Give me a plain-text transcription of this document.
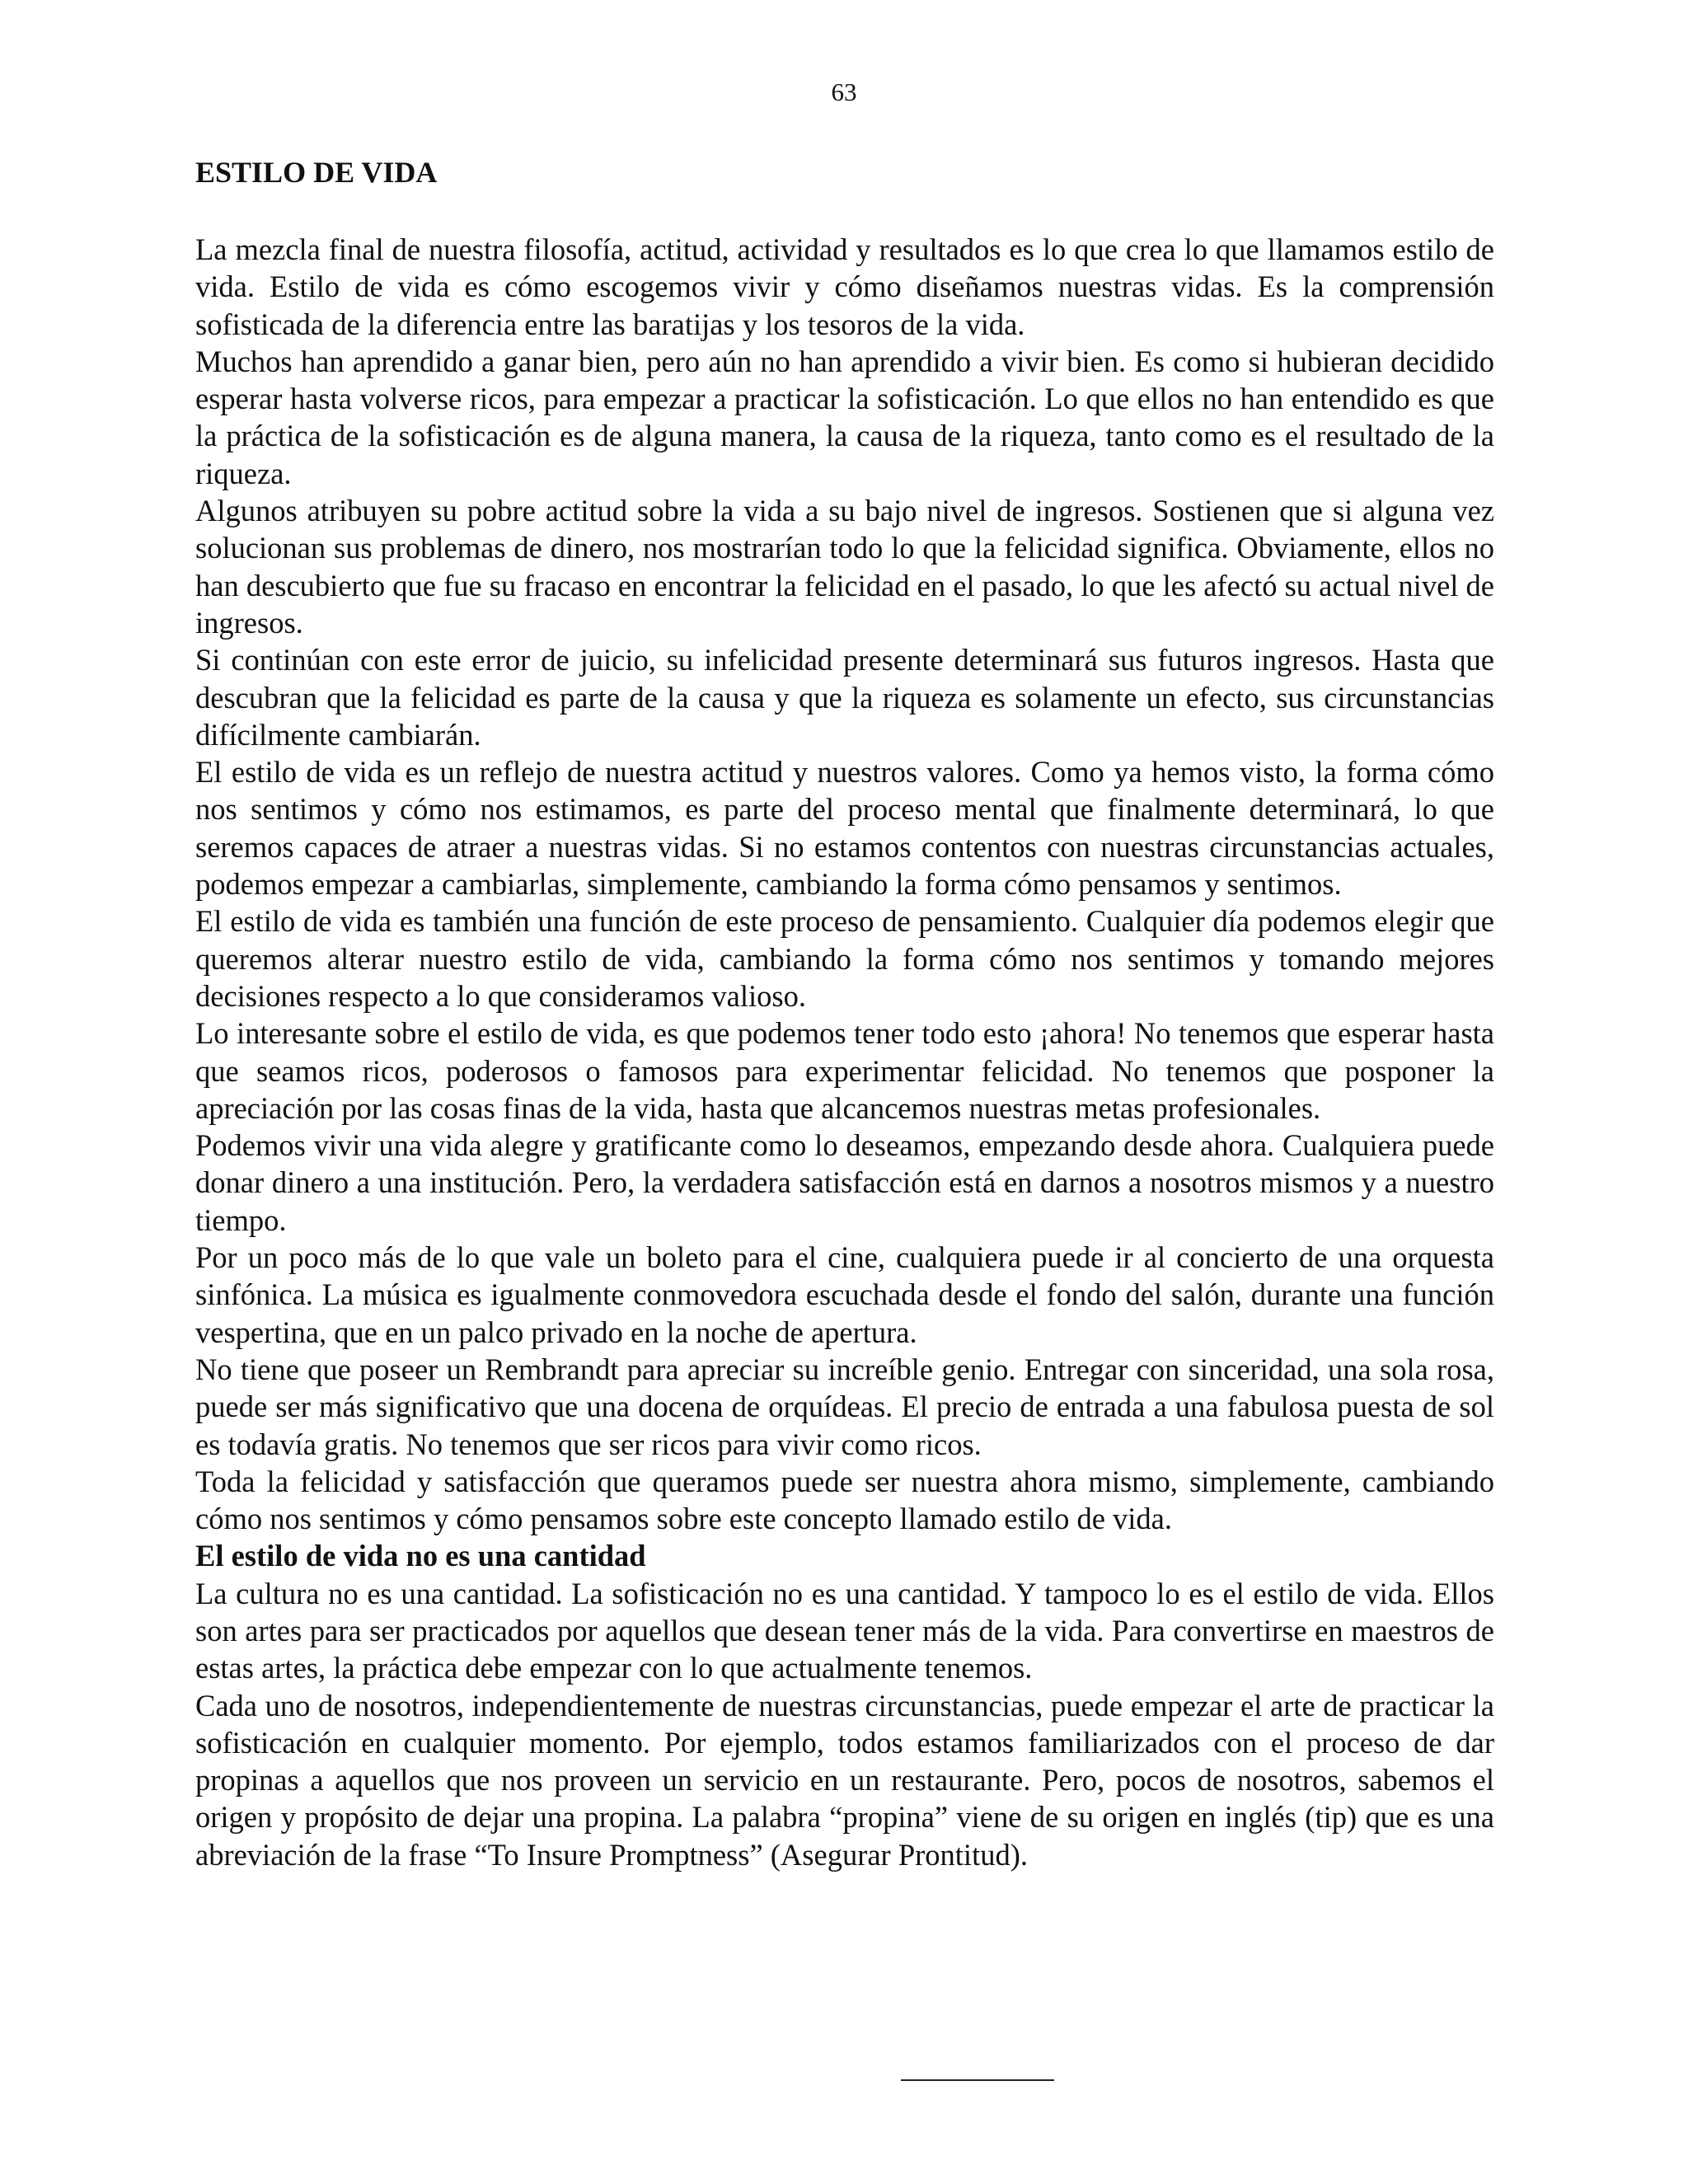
63

ESTILO DE VIDA

La mezcla final de nuestra filosofía, actitud, actividad y resultados es lo que crea lo que llamamos estilo de vida. Estilo de vida es cómo escogemos vivir y cómo diseñamos nuestras vidas. Es la comprensión sofisticada de la diferencia entre las baratijas y los tesoros de la vida.

Muchos han aprendido a ganar bien, pero aún no han aprendido a vivir bien. Es como si hubieran decidido esperar hasta volverse ricos, para empezar a practicar la sofisticación. Lo que ellos no han entendido es que la práctica de la sofisticación es de alguna manera, la causa de la riqueza, tanto como es el resultado de la riqueza.

Algunos atribuyen su pobre actitud sobre la vida a su bajo nivel de ingresos. Sostienen que si alguna vez solucionan sus problemas de dinero, nos mostrarían todo lo que la felicidad significa. Obviamente, ellos no han descubierto que fue su fracaso en encontrar la felicidad en el pasado, lo que les afectó su actual nivel de ingresos.

Si continúan con este error de juicio, su infelicidad presente determinará sus futuros ingresos. Hasta que descubran que la felicidad es parte de la causa y que la riqueza es solamente un efecto, sus circunstancias difícilmente cambiarán.

El estilo de vida es un reflejo de nuestra actitud y nuestros valores. Como ya hemos visto, la forma cómo nos sentimos y cómo nos estimamos, es parte del proceso mental que finalmente determinará, lo que seremos capaces de atraer a nuestras vidas. Si no estamos contentos con nuestras circunstancias actuales, podemos empezar a cambiarlas, simplemente, cambiando la forma cómo pensamos y sentimos.

El estilo de vida es también una función de este proceso de pensamiento. Cualquier día podemos elegir que queremos alterar nuestro estilo de vida, cambiando la forma cómo nos sentimos y tomando mejores decisiones respecto a lo que consideramos valioso.

Lo interesante sobre el estilo de vida, es que podemos tener todo esto ¡ahora! No tenemos que esperar hasta que seamos ricos, poderosos o famosos para experimentar felicidad. No tenemos que posponer la apreciación por las cosas finas de la vida, hasta que alcancemos nuestras metas profesionales.

Podemos vivir una vida alegre y gratificante como lo deseamos, empezando desde ahora. Cualquiera puede donar dinero a una institución. Pero, la verdadera satisfacción está en darnos a nosotros mismos y a nuestro tiempo.

Por un poco más de lo que vale un boleto para el cine, cualquiera puede ir al concierto de una orquesta sinfónica. La música es igualmente conmovedora escuchada desde el fondo del salón, durante una función vespertina, que en un palco privado en la noche de apertura.

No tiene que poseer un Rembrandt para apreciar su increíble genio. Entregar con sinceridad, una sola rosa, puede ser más significativo que una docena de orquídeas. El precio de entrada a una fabulosa puesta de sol es todavía gratis. No tenemos que ser ricos para vivir como ricos.

Toda la felicidad y satisfacción que queramos puede ser nuestra ahora mismo, simplemente, cambiando cómo nos sentimos y cómo pensamos sobre este concepto llamado estilo de vida.

El estilo de vida no es una cantidad

La cultura no es una cantidad. La sofisticación no es una cantidad. Y tampoco lo es el estilo de vida. Ellos son artes para ser practicados por aquellos que desean tener más de la vida. Para convertirse en maestros de estas artes, la práctica debe empezar con lo que actualmente tenemos.

Cada uno de nosotros, independientemente de nuestras circunstancias, puede empezar el arte de practicar la sofisticación en cualquier momento. Por ejemplo, todos estamos familiarizados con el proceso de dar propinas a aquellos que nos proveen un servicio en un restaurante. Pero, pocos de nosotros, sabemos el origen y propósito de dejar una propina. La palabra “propina” viene de su origen en inglés (tip) que es una abreviación de la frase “To Insure Promptness” (Asegurar Prontitud).
